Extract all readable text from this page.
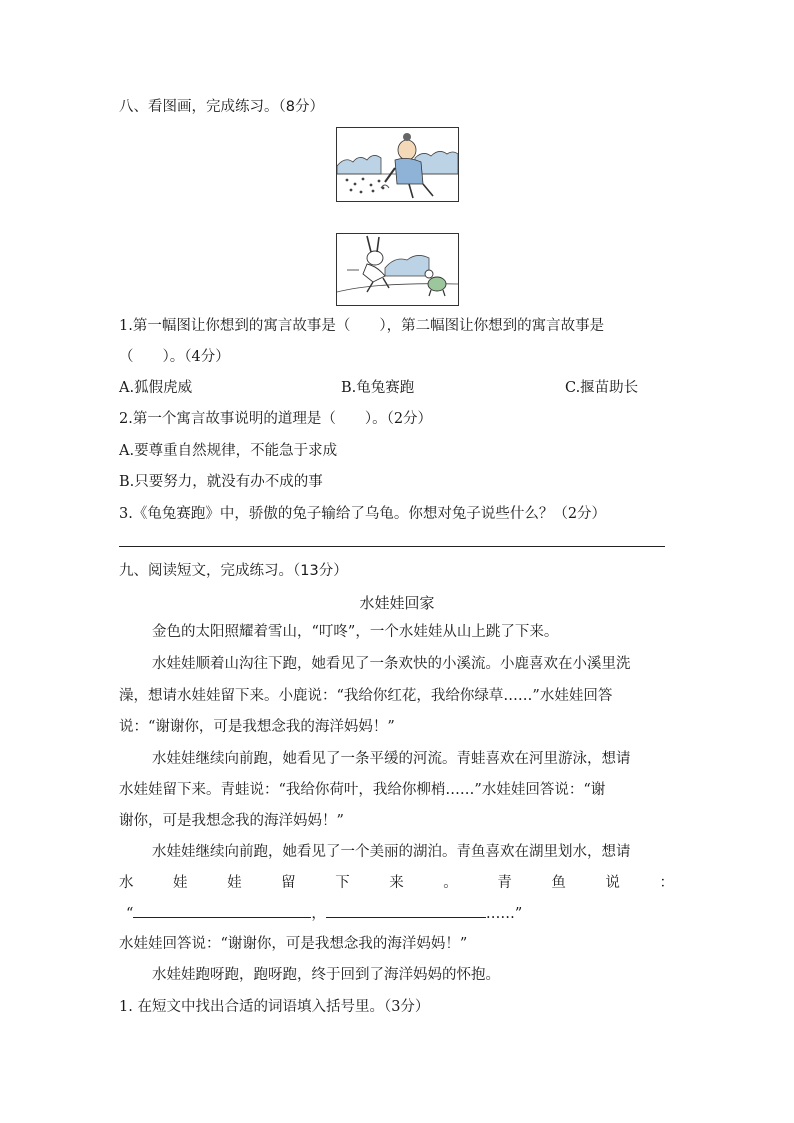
八、看图画，完成练习。（8分）
1.第一幅图让你想到的寓言故事是（　　），第二幅图让你想到的寓言故事是
（　　）。（4分）
A.狐假虎威	B.龟兔赛跑	C.揠苗助长
2.第一个寓言故事说明的道理是（　　）。（2分）
A.要尊重自然规律，不能急于求成
B.只要努力，就没有办不成的事
3.《龟兔赛跑》中，骄傲的兔子输给了乌龟。你想对兔子说些什么？（2分）
九、阅读短文，完成练习。（13分）
水娃娃回家
金色的太阳照耀着雪山，“叮咚”，一个水娃娃从山上跳了下来。
水娃娃顺着山沟往下跑，她看见了一条欢快的小溪流。小鹿喜欢在小溪里洗
澡，想请水娃娃留下来。小鹿说：“我给你红花，我给你绿草……”水娃娃回答
说：“谢谢你，可是我想念我的海洋妈妈！”
水娃娃继续向前跑，她看见了一条平缓的河流。青蛙喜欢在河里游泳，想请
水娃娃留下来。青蛙说：“我给你荷叶，我给你柳梢……”水娃娃回答说：“谢
谢你，可是我想念我的海洋妈妈！”
水娃娃继续向前跑，她看见了一个美丽的湖泊。青鱼喜欢在湖里划水，想请
水	娃	娃	留	下	来	。	青	鱼	说	：
“	，	……”
水娃娃回答说：“谢谢你，可是我想念我的海洋妈妈！”
水娃娃跑呀跑，跑呀跑，终于回到了海洋妈妈的怀抱。
1. 在短文中找出合适的词语填入括号里。（3分）
